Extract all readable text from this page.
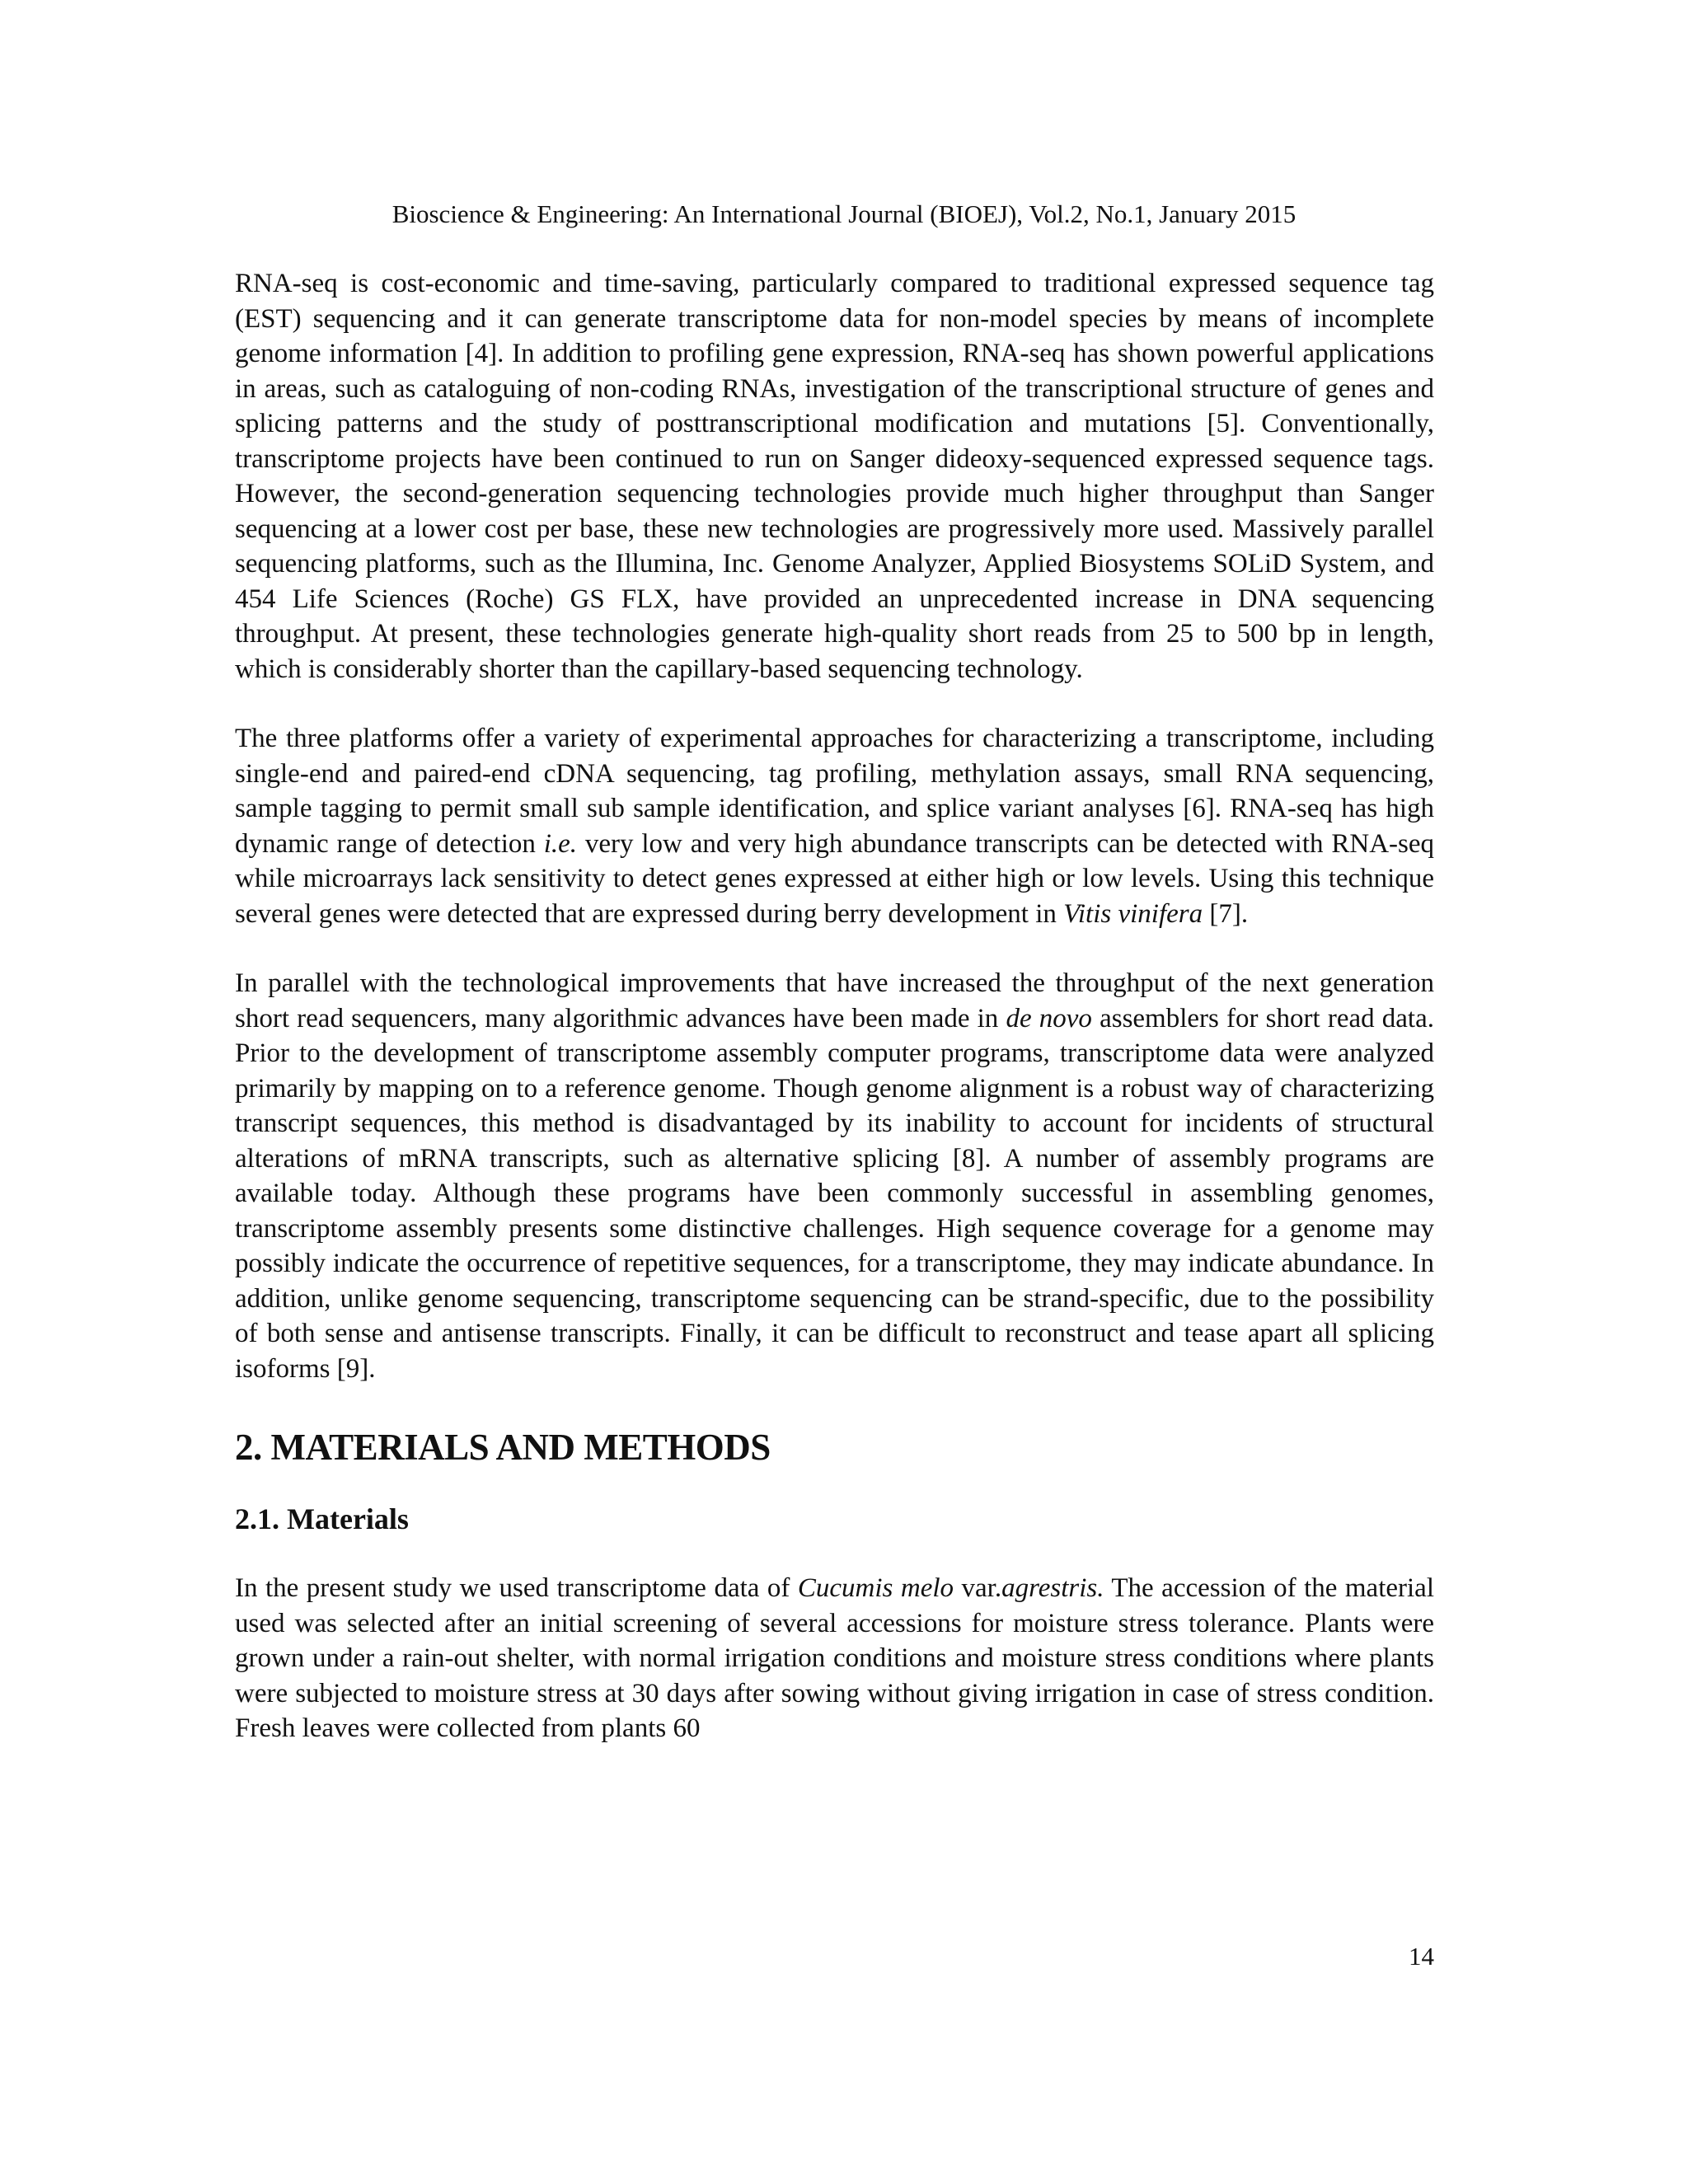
Bioscience & Engineering: An International Journal (BIOEJ), Vol.2, No.1, January 2015

RNA-seq is cost-economic and time-saving, particularly compared to traditional expressed sequence tag (EST) sequencing and it can generate transcriptome data for non-model species by means of incomplete genome information [4]. In addition to profiling gene expression, RNA-seq has shown powerful applications in areas, such as cataloguing of non-coding RNAs, investigation of the transcriptional structure of genes and splicing patterns and the study of posttranscriptional modification and mutations [5]. Conventionally, transcriptome projects have been continued to run on Sanger dideoxy-sequenced expressed sequence tags. However, the second-generation sequencing technologies provide much higher throughput than Sanger sequencing at a lower cost per base, these new technologies are progressively more used. Massively parallel sequencing platforms, such as the Illumina, Inc. Genome Analyzer, Applied Biosystems SOLiD System, and 454 Life Sciences (Roche) GS FLX, have provided an unprecedented increase in DNA sequencing throughput. At present, these technologies generate high-quality short reads from 25 to 500 bp in length, which is considerably shorter than the capillary-based sequencing technology.

The three platforms offer a variety of experimental approaches for characterizing a transcriptome, including single-end and paired-end cDNA sequencing, tag profiling, methylation assays, small RNA sequencing, sample tagging to permit small sub sample identification, and splice variant analyses [6]. RNA-seq has high dynamic range of detection i.e. very low and very high abundance transcripts can be detected with RNA-seq while microarrays lack sensitivity to detect genes expressed at either high or low levels. Using this technique several genes were detected that are expressed during berry development in Vitis vinifera [7].

In parallel with the technological improvements that have increased the throughput of the next generation short read sequencers, many algorithmic advances have been made in de novo assemblers for short read data. Prior to the development of transcriptome assembly computer programs, transcriptome data were analyzed primarily by mapping on to a reference genome. Though genome alignment is a robust way of characterizing transcript sequences, this method is disadvantaged by its inability to account for incidents of structural alterations of mRNA transcripts, such as alternative splicing [8]. A number of assembly programs are available today. Although these programs have been commonly successful in assembling genomes, transcriptome assembly presents some distinctive challenges. High sequence coverage for a genome may possibly indicate the occurrence of repetitive sequences, for a transcriptome, they may indicate abundance. In addition, unlike genome sequencing, transcriptome sequencing can be strand-specific, due to the possibility of both sense and antisense transcripts. Finally, it can be difficult to reconstruct and tease apart all splicing isoforms [9].

2. MATERIALS AND METHODS
2.1. Materials

In the present study we used transcriptome data of Cucumis melo var.agrestris. The accession of the material used was selected after an initial screening of several accessions for moisture stress tolerance. Plants were grown under a rain-out shelter, with normal irrigation conditions and moisture stress conditions where plants were subjected to moisture stress at 30 days after sowing without giving irrigation in case of stress condition. Fresh leaves were collected from plants 60

14
